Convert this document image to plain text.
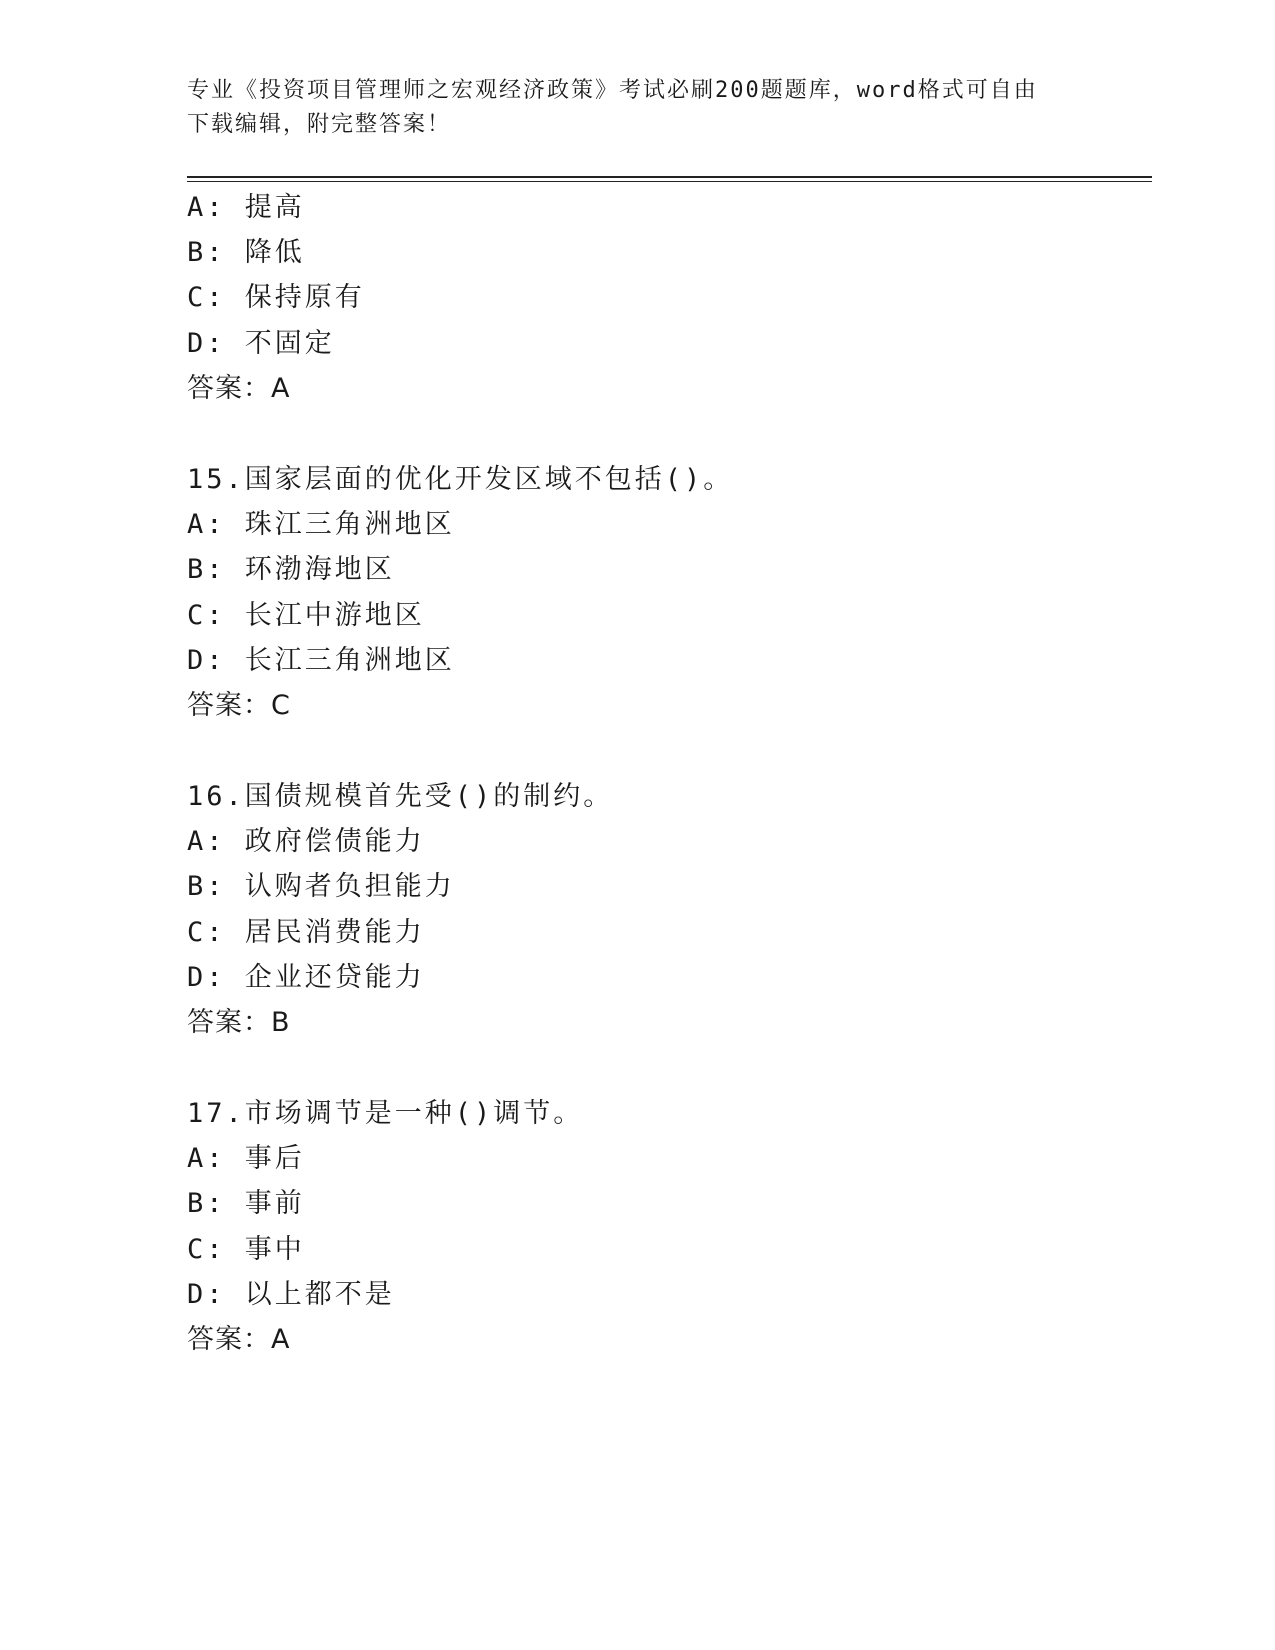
专业《投资项目管理师之宏观经济政策》考试必刷200题题库，word格式可自由
下载编辑，附完整答案！
A: 提高
B: 降低
C: 保持原有
D: 不固定
答案：A
15.国家层面的优化开发区域不包括()。
A: 珠江三角洲地区
B: 环渤海地区
C: 长江中游地区
D: 长江三角洲地区
答案：C
16.国债规模首先受()的制约。
A: 政府偿债能力
B: 认购者负担能力
C: 居民消费能力
D: 企业还贷能力
答案：B
17.市场调节是一种()调节。
A: 事后
B: 事前
C: 事中
D: 以上都不是
答案：A
